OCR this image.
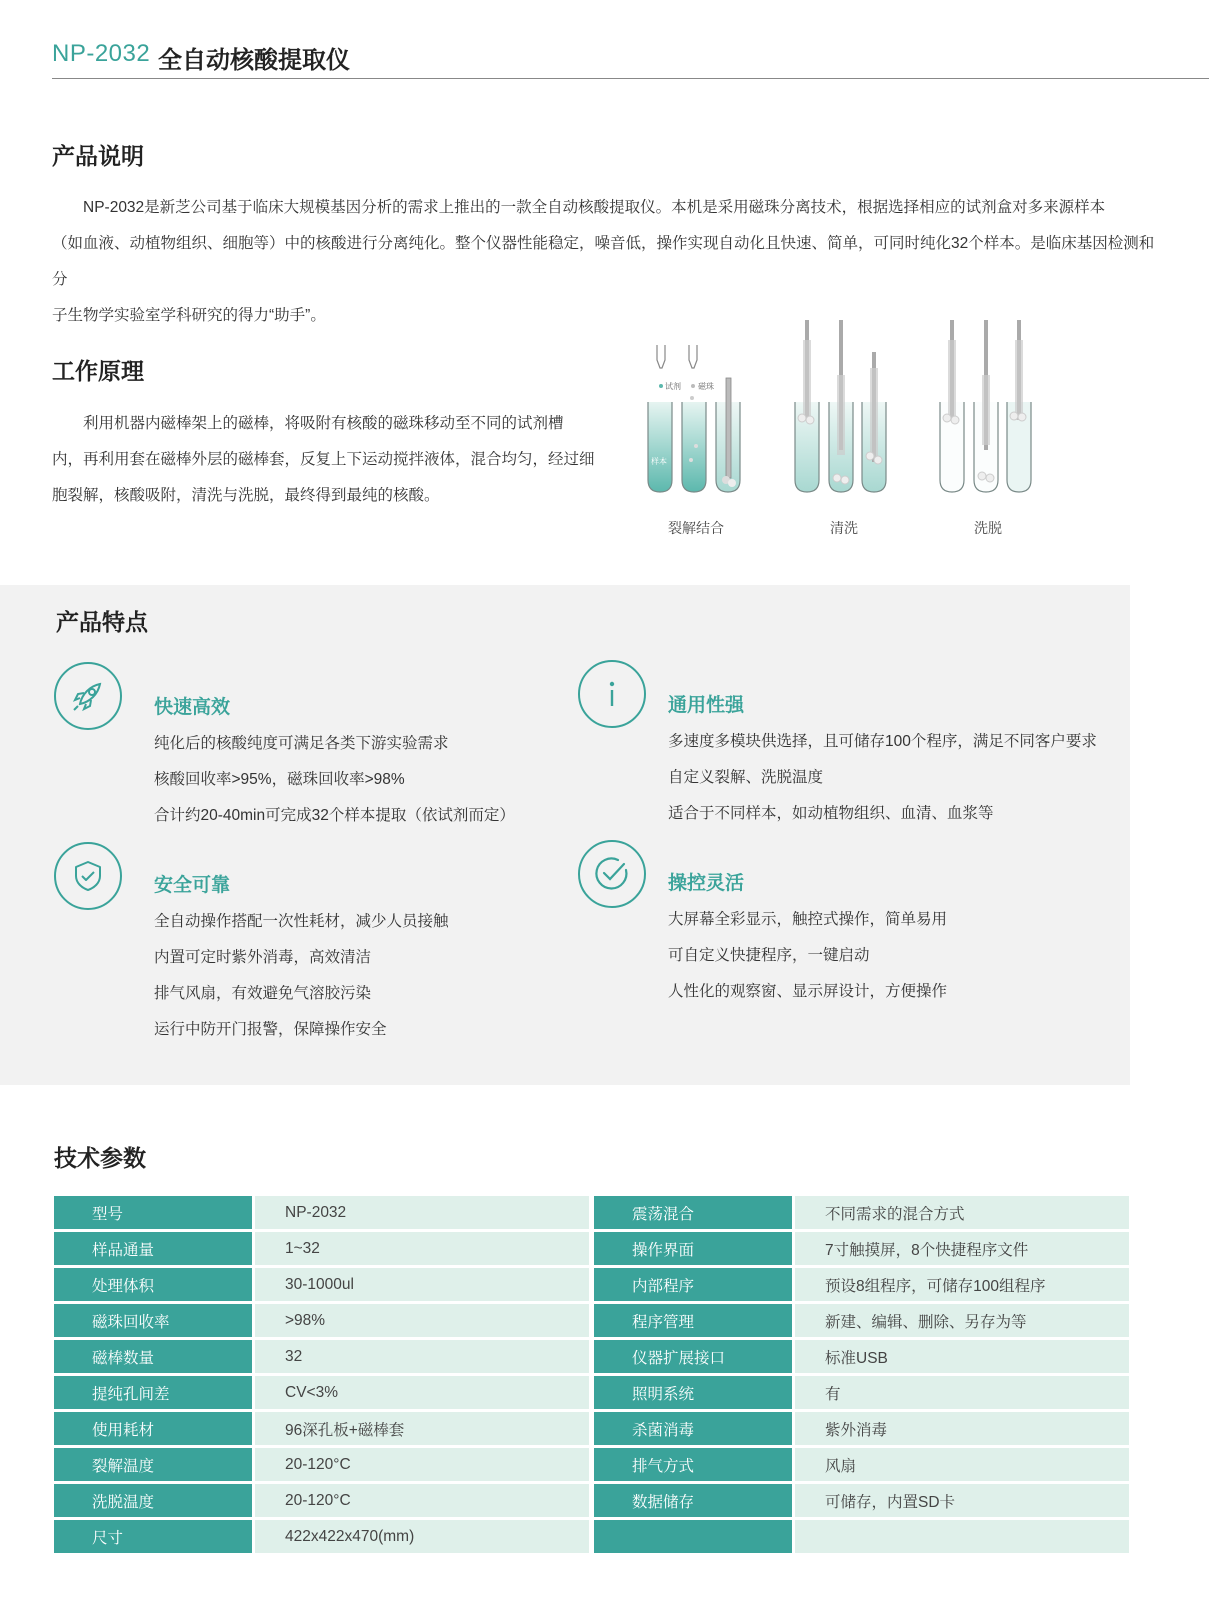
NP-2032 全自动核酸提取仪
产品说明
　　NP-2032是新芝公司基于临床大规模基因分析的需求上推出的一款全自动核酸提取仪。本机是采用磁珠分离技术，根据选择相应的试剂盒对多来源样本
（如血液、动植物组织、细胞等）中的核酸进行分离纯化。整个仪器性能稳定，噪音低，操作实现自动化且快速、简单，可同时纯化32个样本。是临床基因检测和分
子生物学实验室学科研究的得力“助手”。
工作原理
　　利用机器内磁棒架上的磁棒，将吸附有核酸的磁珠移动至不同的试剂槽
内，再利用套在磁棒外层的磁棒套，反复上下运动搅拌液体，混合均匀，经过细
胞裂解，核酸吸附，清洗与洗脱，最终得到最纯的核酸。
试剂 磁珠
样本
裂解结合	清洗	洗脱
产品特点
快速高效
纯化后的核酸纯度可满足各类下游实验需求
核酸回收率>95%，磁珠回收率>98%
合计约20-40min可完成32个样本提取（依试剂而定）
通用性强
多速度多模块供选择，且可储存100个程序，满足不同客户要求
自定义裂解、洗脱温度
适合于不同样本，如动植物组织、血清、血浆等
安全可靠
全自动操作搭配一次性耗材，减少人员接触
内置可定时紫外消毒，高效清洁
排气风扇，有效避免气溶胶污染
运行中防开门报警，保障操作安全
操控灵活
大屏幕全彩显示，触控式操作，简单易用
可自定义快捷程序，一键启动
人性化的观察窗、显示屏设计，方便操作
技术参数
型号	NP-2032
样品通量	1~32
处理体积	30-1000ul
磁珠回收率	>98%
磁棒数量	32
提纯孔间差	CV<3%
使用耗材	96深孔板+磁棒套
裂解温度	20-120°C
洗脱温度	20-120°C
尺寸	422x422x470(mm)
震荡混合	不同需求的混合方式
操作界面	7寸触摸屏，8个快捷程序文件
内部程序	预设8组程序，可储存100组程序
程序管理	新建、编辑、删除、另存为等
仪器扩展接口	标准USB
照明系统	有
杀菌消毒	紫外消毒
排气方式	风扇
数据储存	可储存，内置SD卡
